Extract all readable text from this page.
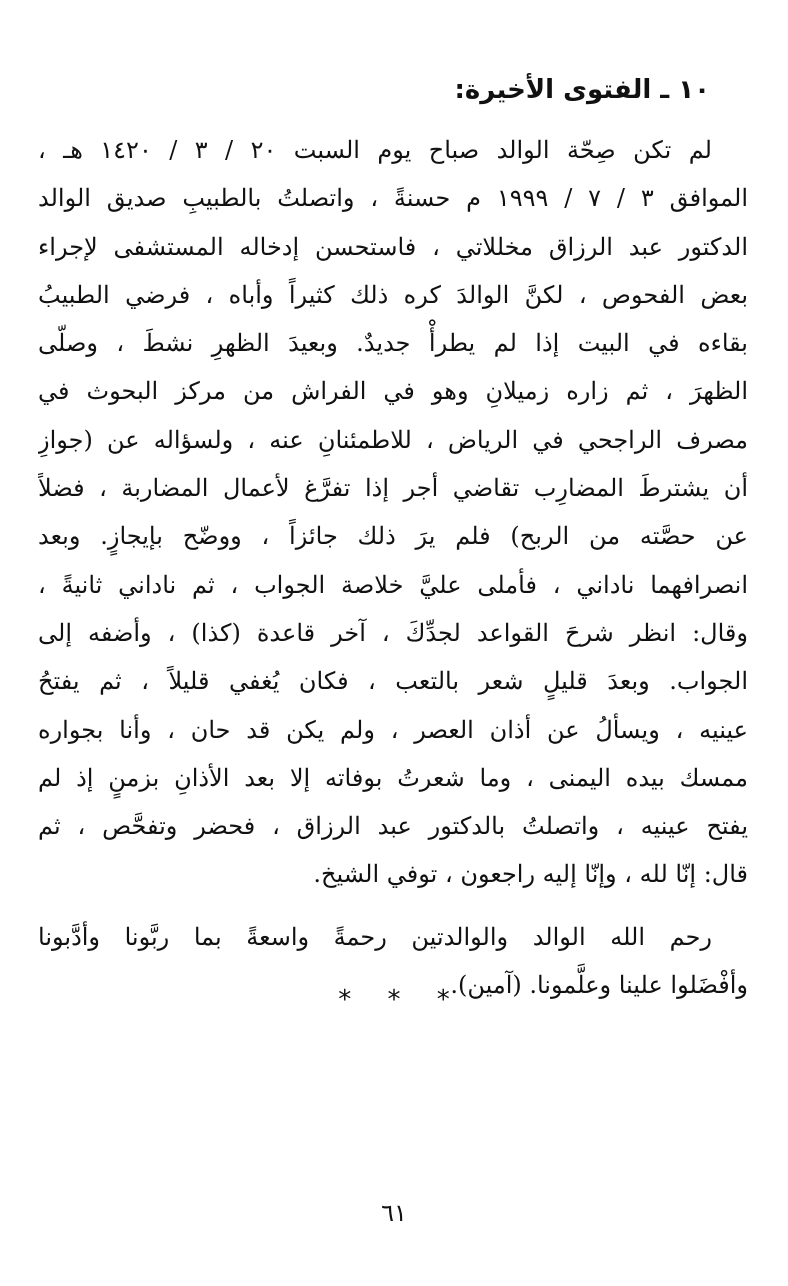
١٠ ـ الفتوى الأخيرة:
لم تكن صِحّة الوالد صباح يوم السبت ٢٠ / ٣ / ١٤٢٠ هـ ،
الموافق ٣ / ٧ / ١٩٩٩ م حسنةً ، واتصلتُ بالطبيبِ صديق الوالد
الدكتور عبد الرزاق مخللاتي ، فاستحسن إدخاله المستشفى لإجراء
بعض الفحوص ، لكنَّ الوالدَ كره ذلك كثيراً وأباه ، فرضي الطبيبُ
بقاءه في البيت إذا لم يطرأْ جديدٌ. وبعيدَ الظهرِ نشطَ ، وصلّى
الظهرَ ، ثم زاره زميلانِ وهو في الفراش من مركز البحوث في
مصرف الراجحي في الرياض ، للاطمئنانِ عنه ، ولسؤاله عن (جوازِ
أن يشترطَ المضارِب تقاضي أجر إذا تفرَّغ لأعمال المضاربة ، فضلاً
عن حصَّته من الربح) فلم يرَ ذلك جائزاً ، ووضّح بإيجازٍ. وبعد
انصرافهما ناداني ، فأملى عليَّ خلاصة الجواب ، ثم ناداني ثانيةً ،
وقال: انظر شرحَ القواعد لجدِّكَ ، آخر قاعدة (كذا) ، وأضفه إلى
الجواب. وبعدَ قليلٍ شعر بالتعب ، فكان يُغفي قليلاً ، ثم يفتحُ
عينيه ، ويسألُ عن أذان العصر ، ولم يكن قد حان ، وأنا بجواره
ممسك بيده اليمنى ، وما شعرتُ بوفاته إلا بعد الأذانِ بزمنٍ إذ لم
يفتح عينيه ، واتصلتُ بالدكتور عبد الرزاق ، فحضر وتفحَّص ، ثم
قال: إنّا لله ، وإنّا إليه راجعون ، توفي الشيخ.
رحم الله الوالد والوالدتين رحمةً واسعةً بما ربَّونا وأدَّبونا
وأفْضَلوا علينا وعلَّمونا. (آمين).
* * *
٦١
